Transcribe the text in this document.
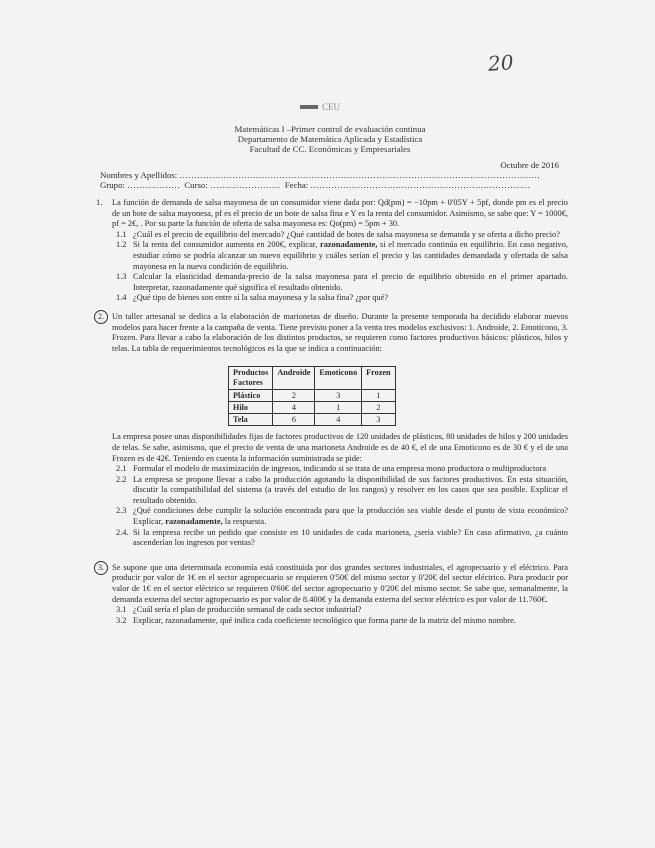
20
CEU
Matemáticas I –Primer control de evaluación continua
Departamento de Matemática Aplicada y Estadística
Facultad de CC. Económicas y Empresariales
Octubre de 2016
Nombres y Apellidos: ……………………………………………………………………………………………………………
Grupo: ……………… Curso: …………………… Fecha: …………………………………………………………………
1. La función de demanda de salsa mayonesa de un consumidor viene dada por: Qd(pm) = −10pm + 0'05Y + 5pf, donde pm es el precio de un bote de salsa mayonesa, pf es el precio de un bote de salsa fina e Y es la renta del consumidor. Asimismo, se sabe que: Y = 1000€, pf = 2€, . Por su parte la función de oferta de salsa mayonesa es: Qo(pm) = 5pm + 30.
1.1 ¿Cuál es el precio de equilibrio del mercado? ¿Qué cantidad de botes de salsa mayonesa se demanda y se oferta a dicho precio?
1.2 Si la renta del consumidor aumenta en 200€, explicar, razonadamente, si el mercado continúa en equilibrio. En caso negativo, estudiar cómo se podría alcanzar un nuevo equilibrio y cuáles serían el precio y las cantidades demandada y ofertada de salsa mayonesa en la nueva condición de equilibrio.
1.3 Calcular la elasticidad demanda-precio de la salsa mayonesa para el precio de equilibrio obtenido en el primer apartado. Interpretar, razonadamente qué significa el resultado obtenido.
1.4 ¿Qué tipo de bienes son entre sí la salsa mayonesa y la salsa fina? ¿por qué?
2. Un taller artesanal se dedica a la elaboración de marionetas de diseño. Durante la presente temporada ha decidido elaborar nuevos modelos para hacer frente a la campaña de venta. Tiene previsto poner a la venta tres modelos exclusivos: 1. Androide, 2. Emoticono, 3. Frozen. Para llevar a cabo la elaboración de los distintos productos, se requieren como factores productivos básicos: plásticos, hilos y telas. La tabla de requerimientos tecnológicos es la que se indica a continuación:
Productos
Factores	Androide	Emoticono	Frozen
Plástico	2	3	1
Hilo	4	1	2
Tela	6	4	3
La empresa posee unas disponibilidades fijas de factores productivos de 120 unidades de plásticos, 80 unidades de hilos y 200 unidades de telas. Se sabe, asimismo, que el precio de venta de una marioneta Androide es de 40 €, el de una Emoticono es de 30 € y el de una Frozen es de 42€. Teniendo en cuenta la información suministrada se pide:
2.1 Formular el modelo de maximización de ingresos, indicando si se trata de una empresa mono productora o multiproductora
2.2 La empresa se propone llevar a cabo la producción agotando la disponibilidad de sus factores productivos. En esta situación, discutir la compatibilidad del sistema (a través del estudio de los rangos) y resolver en los casos que sea posible. Explicar el resultado obtenido.
2.3 ¿Qué condiciones debe cumplir la solución encontrada para que la producción sea viable desde el punto de vista económico? Explicar, razonadamente, la respuesta.
2.4. Si la empresa recibe un pedido que consiste en 10 unidades de cada marioneta, ¿sería viable? En caso afirmativo, ¿a cuánto ascenderían los ingresos por ventas?
3. Se supone que una determinada economía está constituida por dos grandes sectores industriales, el agropecuario y el eléctrico. Para producir por valor de 1€ en el sector agropecuario se requieren 0'50€ del mismo sector y 0'20€ del sector eléctrico. Para producir por valor de 1€ en el sector eléctrico se requieren 0'60€ del sector agropecuario y 0'20€ del mismo sector. Se sabe que, semanalmente, la demanda externa del sector agropecuario es por valor de 8.400€ y la demanda externa del sector eléctrico es por valor de 11.760€.
3.1 ¿Cuál sería el plan de producción semanal de cada sector industrial?
3.2 Explicar, razonadamente, qué indica cada coeficiente tecnológico que forma parte de la matriz del mismo nombre.
